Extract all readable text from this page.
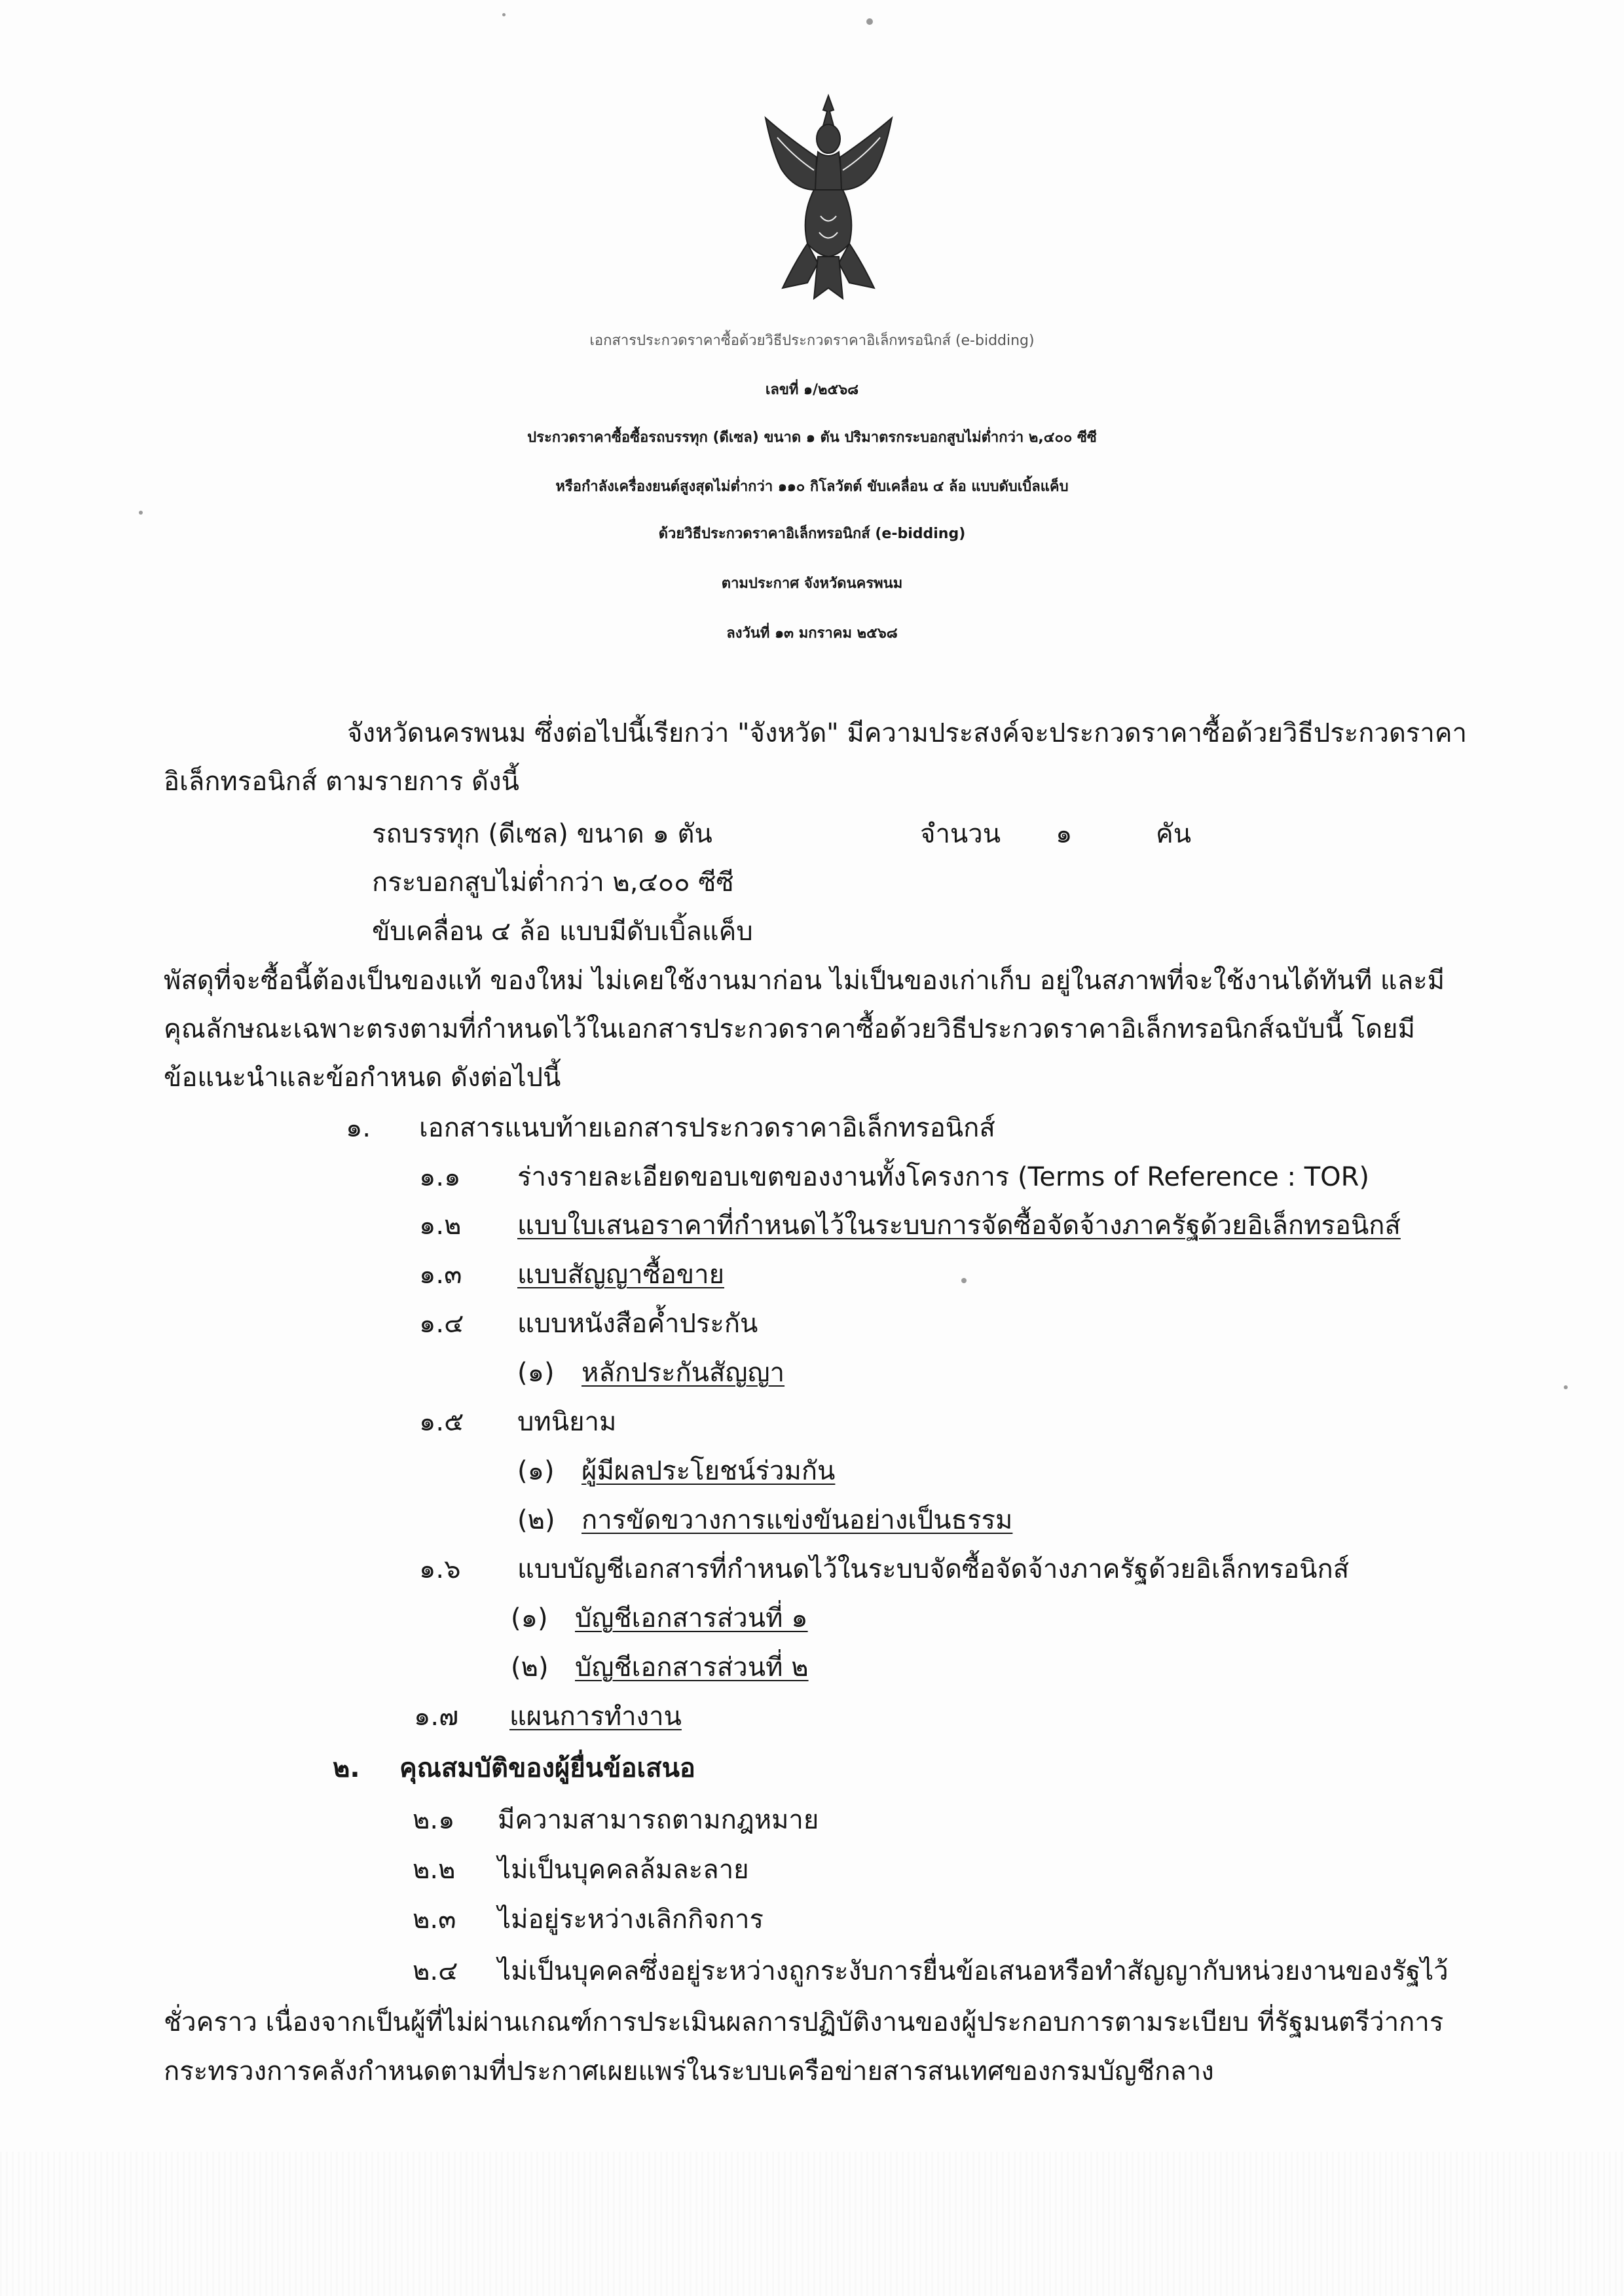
เอกสารประกวดราคาซื้อด้วยวิธีประกวดราคาอิเล็กทรอนิกส์ (e-bidding)
เลขที่ ๑/๒๕๖๘
ประกวดราคาซื้อซื้อรถบรรทุก (ดีเซล) ขนาด ๑ ตัน ปริมาตรกระบอกสูบไม่ต่ำกว่า ๒,๔๐๐ ซีซี
หรือกำลังเครื่องยนต์สูงสุดไม่ต่ำกว่า ๑๑๐ กิโลวัตต์ ขับเคลื่อน ๔ ล้อ แบบดับเบิ้ลแค็บ
ด้วยวิธีประกวดราคาอิเล็กทรอนิกส์ (e-bidding)
ตามประกาศ จังหวัดนครพนม
ลงวันที่ ๑๓ มกราคม ๒๕๖๘
จังหวัดนครพนม ซึ่งต่อไปนี้เรียกว่า "จังหวัด" มีความประสงค์จะประกวดราคาซื้อด้วยวิธีประกวดราคา
อิเล็กทรอนิกส์ ตามรายการ ดังนี้
รถบรรทุก (ดีเซล) ขนาด ๑ ตัน	จำนวน ๑	คัน
กระบอกสูบไม่ต่ำกว่า ๒,๔๐๐ ซีซี
ขับเคลื่อน ๔ ล้อ แบบมีดับเบิ้ลแค็บ
พัสดุที่จะซื้อนี้ต้องเป็นของแท้ ของใหม่ ไม่เคยใช้งานมาก่อน ไม่เป็นของเก่าเก็บ อยู่ในสภาพที่จะใช้งานได้ทันที และมี
คุณลักษณะเฉพาะตรงตามที่กำหนดไว้ในเอกสารประกวดราคาซื้อด้วยวิธีประกวดราคาอิเล็กทรอนิกส์ฉบับนี้ โดยมี
ข้อแนะนำและข้อกำหนด ดังต่อไปนี้
๑. เอกสารแนบท้ายเอกสารประกวดราคาอิเล็กทรอนิกส์
๑.๑ ร่างรายละเอียดขอบเขตของงานทั้งโครงการ (Terms of Reference : TOR)
๑.๒ แบบใบเสนอราคาที่กำหนดไว้ในระบบการจัดซื้อจัดจ้างภาครัฐด้วยอิเล็กทรอนิกส์
๑.๓ แบบสัญญาซื้อขาย
๑.๔ แบบหนังสือค้ำประกัน
(๑) หลักประกันสัญญา
๑.๕ บทนิยาม
(๑) ผู้มีผลประโยชน์ร่วมกัน
(๒) การขัดขวางการแข่งขันอย่างเป็นธรรม
๑.๖ แบบบัญชีเอกสารที่กำหนดไว้ในระบบจัดซื้อจัดจ้างภาครัฐด้วยอิเล็กทรอนิกส์
(๑) บัญชีเอกสารส่วนที่ ๑
(๒) บัญชีเอกสารส่วนที่ ๒
๑.๗ แผนการทำงาน
๒. คุณสมบัติของผู้ยื่นข้อเสนอ
๒.๑ มีความสามารถตามกฎหมาย
๒.๒ ไม่เป็นบุคคลล้มละลาย
๒.๓ ไม่อยู่ระหว่างเลิกกิจการ
๒.๔ ไม่เป็นบุคคลซึ่งอยู่ระหว่างถูกระงับการยื่นข้อเสนอหรือทำสัญญากับหน่วยงานของรัฐไว้
ชั่วคราว เนื่องจากเป็นผู้ที่ไม่ผ่านเกณฑ์การประเมินผลการปฏิบัติงานของผู้ประกอบการตามระเบียบ ที่รัฐมนตรีว่าการ
กระทรวงการคลังกำหนดตามที่ประกาศเผยแพร่ในระบบเครือข่ายสารสนเทศของกรมบัญชีกลาง
